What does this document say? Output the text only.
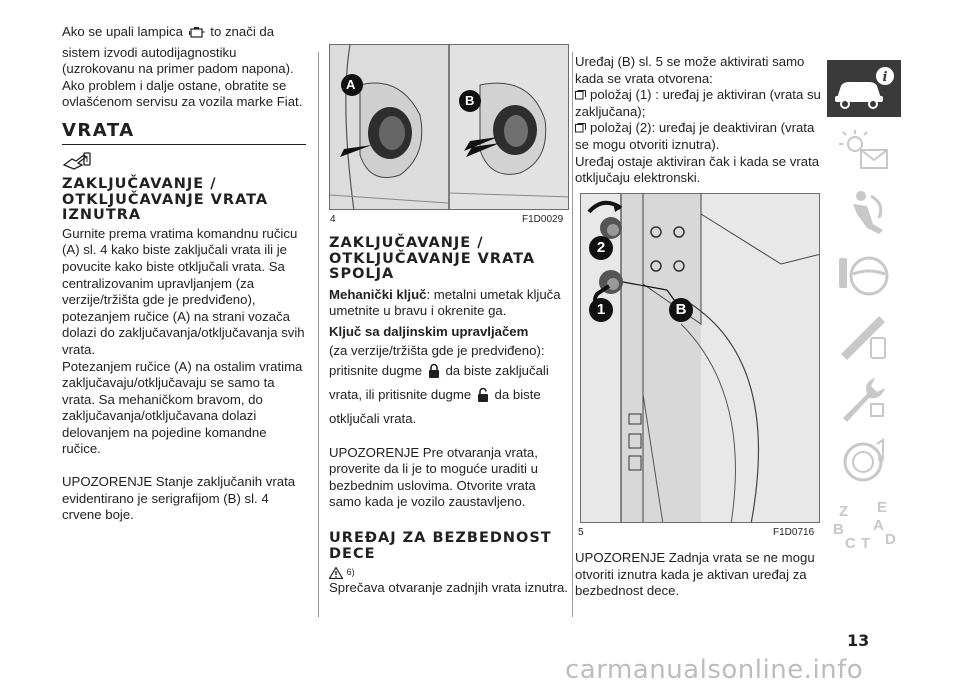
Ako se upali lampica to znači da sistem izvodi autodijagnostiku (uzrokovanu na primer padom napona). Ako problem i dalje ostane, obratite se ovlašćenom servisu za vozila marke Fiat.

VRATA
ZAKLJUČAVANJE / OTKLJUČAVANJE VRATA IZNUTRA

Gurnite prema vratima komandnu ručicu (A) sl. 4 kako biste zaključali vrata ili je povucite kako biste otključali vrata. Sa centralizovanim upravljanjem (za verzije/tržišta gde je predviđeno), potezanjem ručice (A) na strani vozača dolazi do zaključavanja/otključavanja svih vrata.

Potezanjem ručice (A) na ostalim vratima zaključavaju/otključavaju se samo ta vrata. Sa mehaničkom bravom, do zaključavanja/otključavana dolazi delovanjem na pojedine komandne ručice.

UPOZORENJE Stanje zaključanih vrata evidentirano je serigrafijom (B) sl. 4 crvene boje.

A
B
4	F1D0029
ZAKLJUČAVANJE / OTKLJUČAVANJE VRATA SPOLJA

Mehanički ključ: metalni umetak ključa umetnite u bravu i okrenite ga.

Ključ sa daljinskim upravljačem

(za verzije/tržišta gde je predviđeno): pritisnite dugme da biste zaključali vrata, ili pritisnite dugme da biste otključali vrata.

UPOZORENJE Pre otvaranja vrata, proverite da li je to moguće uraditi u bezbednim uslovima. Otvorite vrata samo kada je vozilo zaustavljeno.

UREĐAJ ZA BEZBEDNOST DECE
$^{6)}$

Sprečava otvaranje zadnjih vrata iznutra.

Uređaj (B) sl. 5 se može aktivirati samo kada se vrata otvorena:

položaj (1) : uređaj je aktiviran (vrata su zaključana);

položaj (2): uređaj je deaktiviran (vrata se mogu otvoriti iznutra).

Uređaj ostaje aktiviran čak i kada se vrata otključaju elektronski.

2
1	B
5	F1D0716

UPOZORENJE Zadnja vrata se ne mogu otvoriti iznutra kada je aktivan uređaj za bezbednost dece.

i
Z E
B A
C T D
13
carmanualsonline.info
